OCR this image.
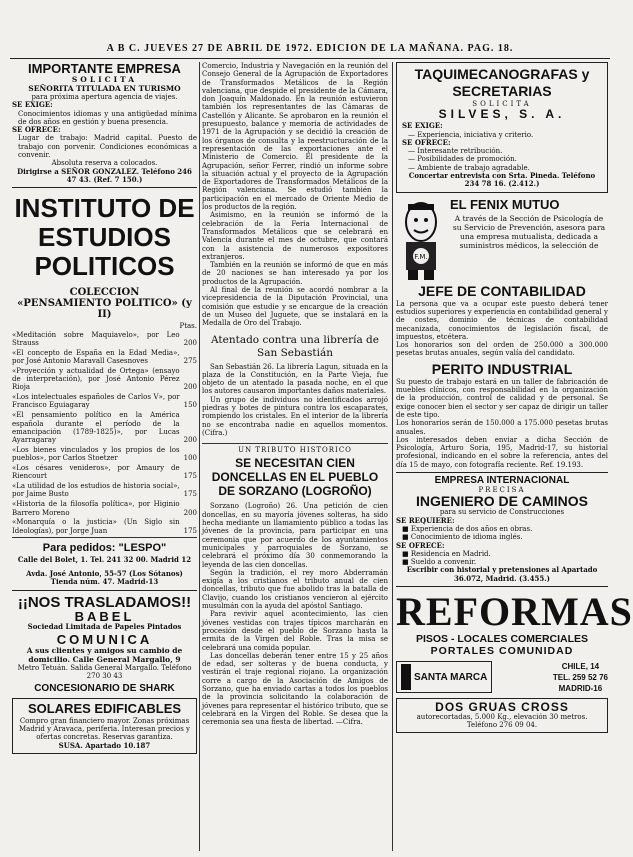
A B C. JUEVES 27 DE ABRIL DE 1972. EDICION DE LA MAÑANA. PAG. 18.
IMPORTANTE EMPRESA
SOLICITA
SEÑORITA TITULADA EN TURISMO
para próxima apertura agencia de viajes.
SE EXIGE:
Conocimientos idiomas y una antigüedad mínima de dos años en gestión y buena presencia.
SE OFRECE:
Lugar de trabajo: Madrid capital. Puesto de trabajo con porvenir. Condiciones económicas a convenir.
Absoluta reserva a colocados.
Dirigirse a SEÑOR GONZALEZ. Teléfono 246 47 43. (Ref. 7 150.)
INSTITUTO DE ESTUDIOS POLITICOS
COLECCION
«PENSAMIENTO POLITICO» (y II)
Ptas.
«Meditación sobre Maquiavelo», por Leo Strauss	200
«El concepto de España en la Edad Media», por José Antonio Maravall Casesnoves	275
«Proyección y actualidad de Ortega» (ensayo de interpretación), por José Antonio Pérez Rioja	200
«Los intelectuales españoles de Carlos V», por Francisco Eguiagaray	150
«El pensamiento político en la América española durante el período de la emancipación (1789-1825)», por Lucas Ayarragaray	200
«Los bienes vinculados y los propios de los pueblos», por Carlos Stoetzer	100
«Los césares venideros», por Amaury de Riencourt	175
«La utilidad de los estudios de historia social», por Jaime Busto	175
«Historia de la filosofía política», por Higinio Barrero Moreno	200
«Monarquía o la justicia» (Un Siglo sin Ideologías), por Jorge Juan	175
Para pedidos: "LESPO"
Calle del Bolet, 1. Tel. 241 32 00. Madrid 12
Avda. José Antonio, 55-57 (Los Sótanos) Tienda núm. 47. Madrid-13
¡¡NOS TRASLADAMOS!!
BABEL
Sociedad Limitada de Papeles Pintados
COMUNICA
A sus clientes y amigos su cambio de domicilio. Calle General Margallo, 9
Metro Tetuán. Salida General Margallo. Teléfono 270 30 43
CONCESIONARIO DE SHARK
SOLARES EDIFICABLES
Compro gran financiero mayor. Zonas próximas Madrid y Aravaca, periferia. Interesan precios y ofertas concretas. Reservas garantiza.
SUSA. Apartado 10.187
Comercio, Industria y Navegación en la reunión del Consejo General de la Agrupación de Exportadores de Transformados Metálicos de la Región valenciana, que despide el presidente de la Cámara, don Joaquín Maldonado. En la reunión estuvieron también los representantes de las Cámaras de Castellón y Alicante. Se aprobaron en la reunión el presupuesto, balance y memoria de actividades de 1971 de la Agrupación y se decidió la creación de los órganos de consulta y la reestructuración de la representación de las exportaciones ante el Ministerio de Comercio. El presidente de la Agrupación, señor Ferrer, rindió un informe sobre la situación actual y el proyecto de la Agrupación de Exportadores de Transformados Metálicos de la Región valenciana. Se estudió también la participación en el mercado de Oriente Medio de los productos de la región.
Asimismo, en la reunión se informó de la celebración de la Feria Internacional de Transformados Metálicos que se celebrará en Valencia durante el mes de octubre, que contará con la asistencia de numerosos expositores extranjeros.
También en la reunión se informó de que en más de 20 naciones se han interesado ya por los productos de la Agrupación.
Al final de la reunión se acordó nombrar a la vicepresidencia de la Diputación Provincial, una comisión que estudie y se encargue de la creación de un Museo del Juguete, que se instalará en la Medalla de Oro del Trabajo.
Atentado contra una librería de San Sebastián
San Sebastián 26. La librería Lagun, situada en la plaza de la Constitución, en la Parte Vieja, fue objeto de un atentado la pasada noche, en el que los autores causaron importantes daños materiales.
Un grupo de individuos no identificados arrojó piedras y botes de pintura contra los escaparates, rompiendo los cristales. En el interior de la librería no se encontraba nadie en aquellos momentos. (Cifra.)
UN TRIBUTO HISTORICO
SE NECESITAN CIEN DONCELLAS EN EL PUEBLO DE SORZANO (LOGROÑO)
Sorzano (Logroño) 26. Una petición de cien doncellas, en su mayoría jóvenes solteras, ha sido hecha mediante un llamamiento público a todas las jóvenes de la provincia, para participar en una ceremonia que por acuerdo de los ayuntamientos municipales y parroquiales de Sorzano, se celebrará el próximo día 30 conmemorando la leyenda de las cien doncellas.
Según la tradición, el rey moro Abderramán exigía a los cristianos el tributo anual de cien doncellas, tributo que fue abolido tras la batalla de Clavijo, cuando los cristianos vencieron al ejército musulmán con la ayuda del apóstol Santiago.
Para revivir aquel acontecimiento, las cien jóvenes vestidas con trajes típicos marcharán en procesión desde el pueblo de Sorzano hasta la ermita de la Virgen del Roble. Tras la misa se celebrará una comida popular.
Las doncellas deberán tener entre 15 y 25 años de edad, ser solteras y de buena conducta, y vestirán el traje regional riojano. La organización corre a cargo de la Asociación de Amigos de Sorzano, que ha enviado cartas a todos los pueblos de la provincia solicitando la colaboración de jóvenes para representar el histórico tributo, que se celebrará en la Virgen del Roble. Se desea que la ceremonia sea una fiesta de libertad. —Cifra.
TAQUIMECANOGRAFAS y SECRETARIAS
SOLICITA
SILVES, S. A.
SE EXIGE:
— Experiencia, iniciativa y criterio.
SE OFRECE:
— Interesante retribución.
— Posibilidades de promoción.
— Ambiente de trabajo agradable.
Concertar entrevista con Srta. Pineda. Teléfono 234 78 16. (2.412.)
F.M.
EL FENIX MUTUO
A través de la Sección de Psicología de su Servicio de Prevención, asesora para una empresa mutualista, dedicada a suministros médicos, la selección de
JEFE DE CONTABILIDAD
La persona que va a ocupar este puesto deberá tener estudios superiores y experiencia en contabilidad general y de costes, dominio de técnicas de contabilidad mecanizada, conocimientos de legislación fiscal, de impuestos, etcétera.
Los honorarios son del orden de 250.000 a 300.000 pesetas brutas anuales, según valía del candidato.
PERITO INDUSTRIAL
Su puesto de trabajo estará en un taller de fabricación de muebles clínicos, con responsabilidad en la organización de la producción, control de calidad y de personal. Se exige conocer bien el sector y ser capaz de dirigir un taller de este tipo.
Los honorarios serán de 150.000 a 175.000 pesetas brutas anuales.
Los interesados deben enviar a dicha Sección de Psicología, Arturo Soria, 195, Madrid-17, su historial profesional, indicando en el sobre la referencia, antes del día 15 de mayo, con fotografía reciente. Ref. 19.193.
EMPRESA INTERNACIONAL
PRECISA
INGENIERO DE CAMINOS
para su servicio de Construcciones
SE REQUIERE:
■ Experiencia de dos años en obras.
■ Conocimiento de idioma inglés.
SE OFRECE:
■ Residencia en Madrid.
■ Sueldo a convenir.
Escribir con historial y pretensiones al Apartado 36.072, Madrid. (3.455.)
REFORMAS
PISOS - LOCALES COMERCIALES
PORTALES COMUNIDAD
SANTA MARCA
CHILE, 14
TEL. 259 52 76
MADRID-16
DOS GRUAS CROSS
autorecortadas, 5.000 Kg., elevación 30 metros. Teléfono 276 09 04.
